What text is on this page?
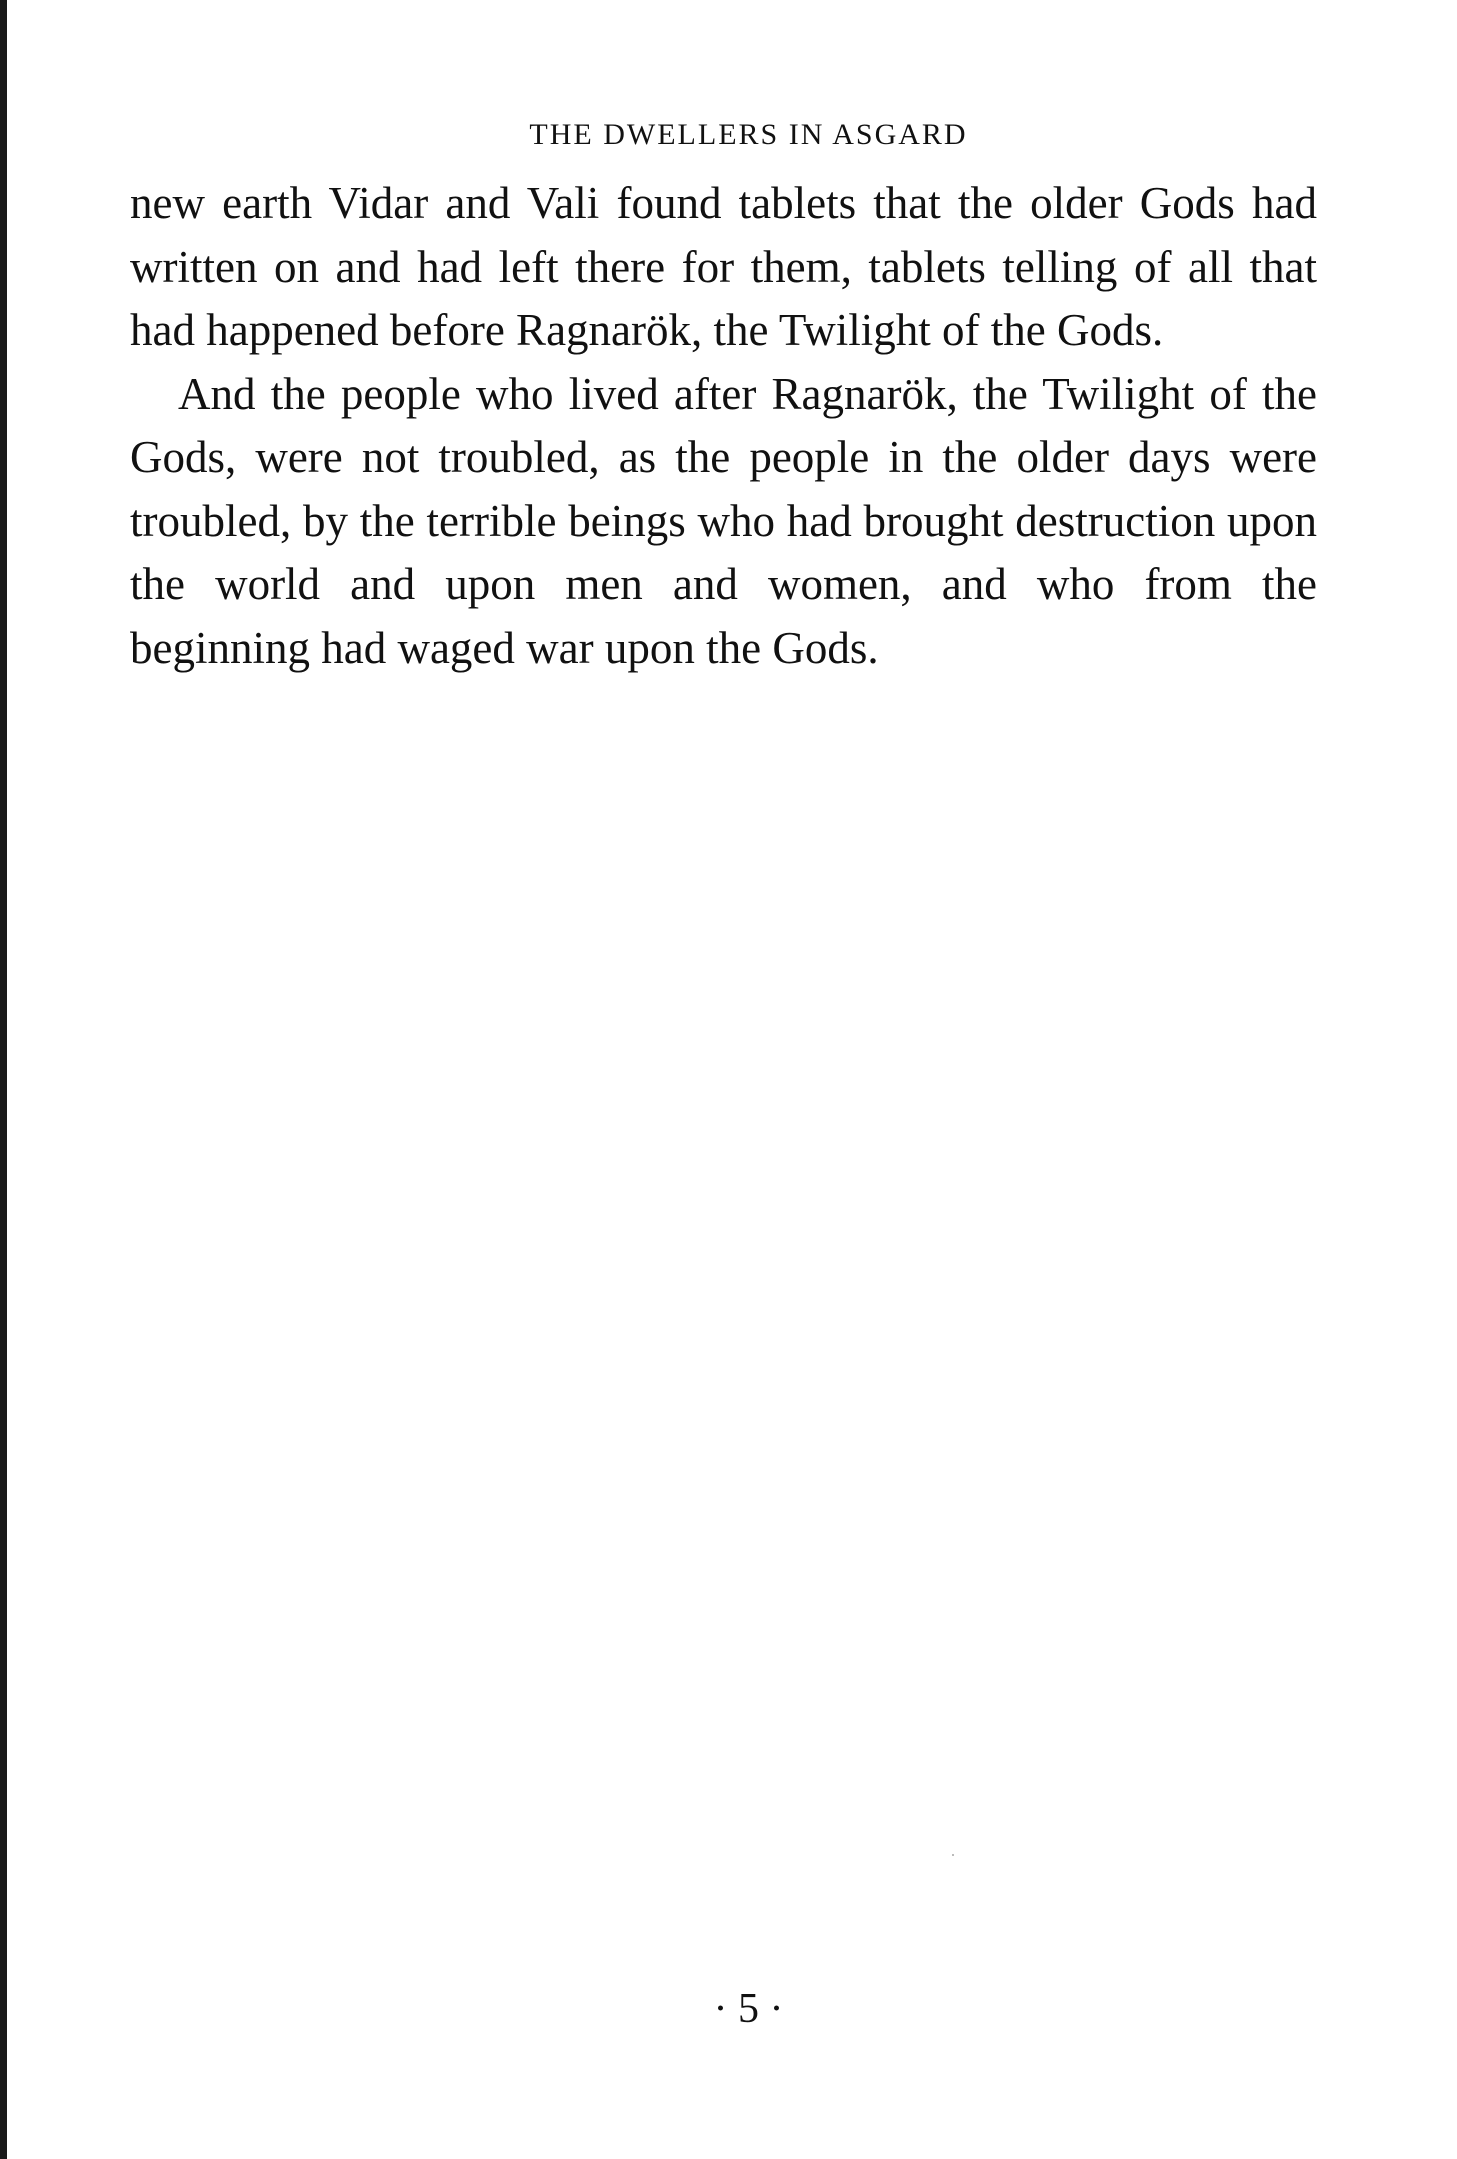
THE DWELLERS IN ASGARD

new earth Vidar and Vali found tablets that the older Gods had written on and had left there for them, tablets telling of all that had happened before Ragnarök, the Twilight of the Gods.

And the people who lived after Ragnarök, the Twilight of the Gods, were not troubled, as the people in the older days were troubled, by the terrible beings who had brought destruction upon the world and upon men and women, and who from the beginning had waged war upon the Gods.

· 5 ·
